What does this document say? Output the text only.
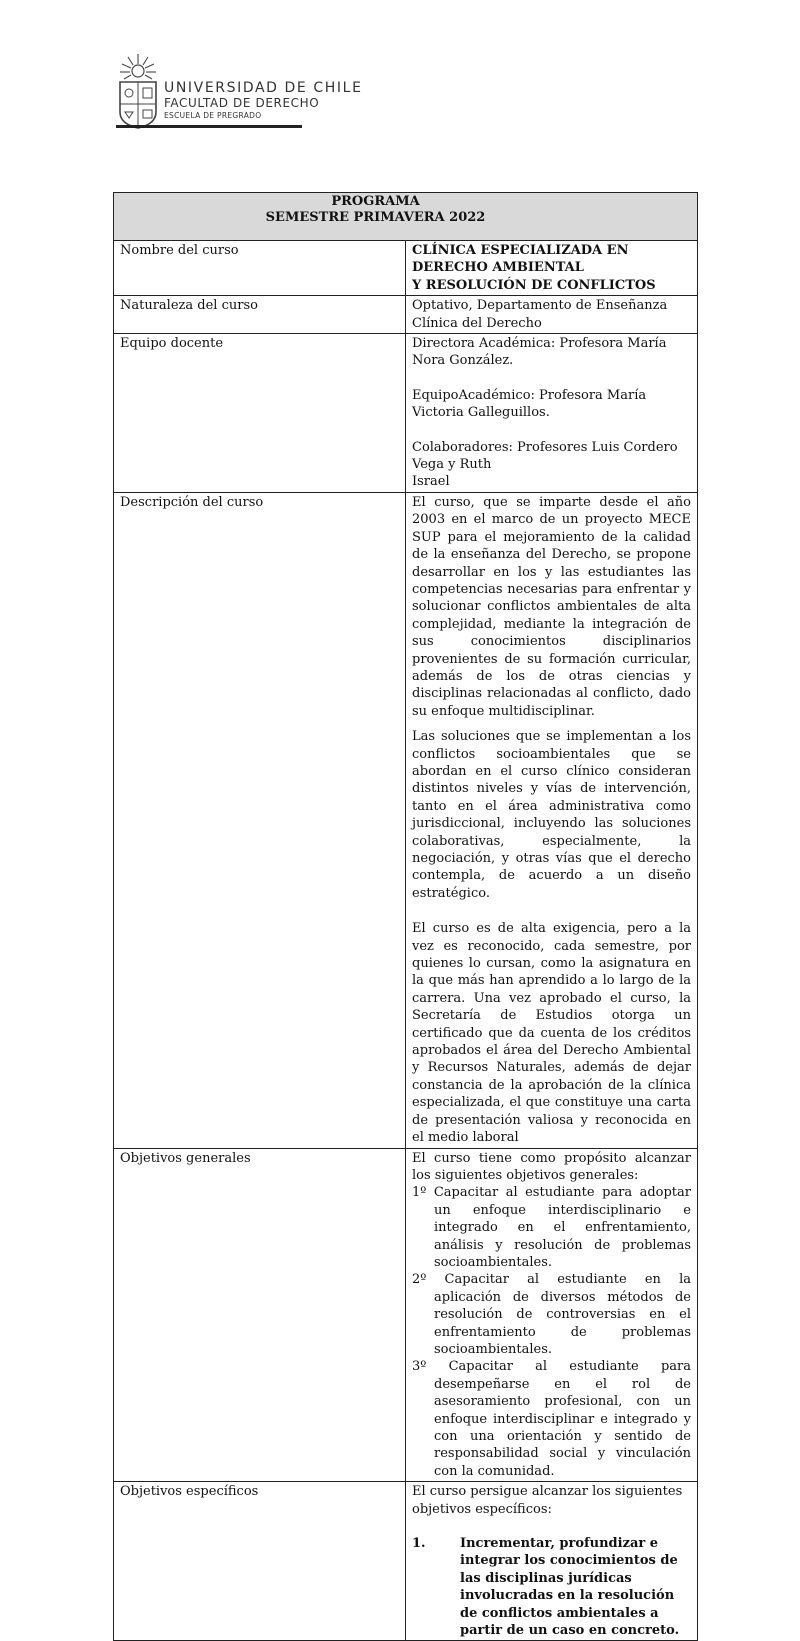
UNIVERSIDAD DE CHILE
FACULTAD DE DERECHO
ESCUELA DE PREGRADO
PROGRAMA
SEMESTRE PRIMAVERA 2022	

Nombre del curso	CLÍNICA ESPECIALIZADA EN DERECHO AMBIENTAL
Y RESOLUCIÓN DE CONFLICTOS

Naturaleza del curso	Optativo, Departamento de Enseñanza Clínica del Derecho
Equipo docente	Directora Académica: Profesora María Nora González.
EquipoAcadémico: Profesora María Victoria Galleguillos.
Colaboradores: Profesores Luis Cordero Vega y Ruth
Israel

Descripción del curso	El curso, que se imparte desde el año 2003 en el marco de un proyecto MECE SUP para el mejoramiento de la calidad de la enseñanza del Derecho, se propone desarrollar en los y las estudiantes las competencias necesarias para enfrentar y solucionar conflictos ambientales de alta complejidad, mediante la integración de sus conocimientos disciplinarios provenientes de su formación curricular, además de los de otras ciencias y disciplinas relacionadas al conflicto, dado su enfoque multidisciplinar.

Las soluciones que se implementan a los conflictos socioambientales que se abordan en el curso clínico consideran distintos niveles y vías de intervención, tanto en el área administrativa como jurisdiccional, incluyendo las soluciones colaborativas, especialmente, la negociación, y otras vías que el derecho contempla, de acuerdo a un diseño estratégico.

El curso es de alta exigencia, pero a la vez es reconocido, cada semestre, por quienes lo cursan, como la asignatura en la que más han aprendido a lo largo de la carrera. Una vez aprobado el curso, la Secretaría de Estudios otorga un certificado que da cuenta de los créditos aprobados el área del Derecho Ambiental y Recursos Naturales, además de dejar constancia de la aprobación de la clínica especializada, el que constituye una carta de presentación valiosa y reconocida en el medio laboral

Objetivos generales	El curso tiene como propósito alcanzar los siguientes objetivos generales:

1º Capacitar al estudiante para adoptar un enfoque interdisciplinario e integrado en el enfrentamiento, análisis y resolución de problemas socioambientales.

2º Capacitar al estudiante en la aplicación de diversos métodos de resolución de controversias en el enfrentamiento de problemas socioambientales.

3º Capacitar al estudiante para desempeñarse en el rol de asesoramiento profesional, con un enfoque interdisciplinar e integrado y con una orientación y sentido de responsabilidad social y vinculación con la comunidad.

Objetivos específicos	El curso persigue alcanzar los siguientes objetivos específicos:

1. Incrementar, profundizar e integrar los conocimientos de las disciplinas jurídicas involucradas en la resolución de conflictos ambientales a partir de un caso en concreto.
